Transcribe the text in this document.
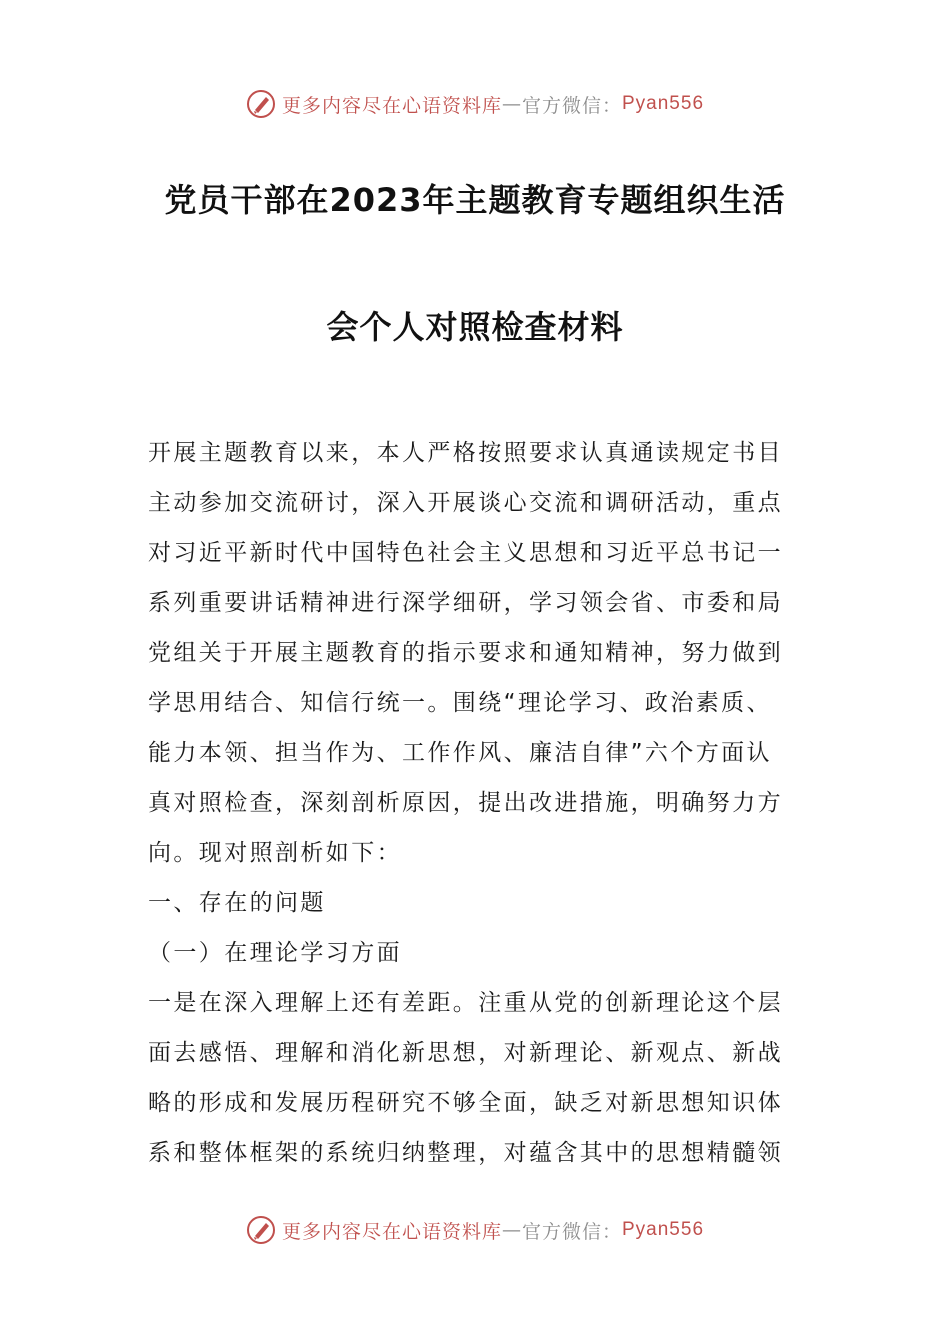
更多内容尽在心语资料库 — 官方微信： Pyan556
党员干部在2023年主题教育专题组织生活
会个人对照检查材料

开展主题教育以来，本人严格按照要求认真通读规定书目

主动参加交流研讨，深入开展谈心交流和调研活动，重点

对习近平新时代中国特色社会主义思想和习近平总书记一

系列重要讲话精神进行深学细研，学习领会省、市委和局

党组关于开展主题教育的指示要求和通知精神，努力做到

学思用结合、知信行统一。围绕“理论学习、政治素质、

能力本领、担当作为、工作作风、廉洁自律”六个方面认

真对照检查，深刻剖析原因，提出改进措施，明确努力方

向。现对照剖析如下：

一、存在的问题

（一）在理论学习方面

一是在深入理解上还有差距。注重从党的创新理论这个层

面去感悟、理解和消化新思想，对新理论、新观点、新战

略的形成和发展历程研究不够全面，缺乏对新思想知识体

系和整体框架的系统归纳整理，对蕴含其中的思想精髓领

更多内容尽在心语资料库 — 官方微信： Pyan556
